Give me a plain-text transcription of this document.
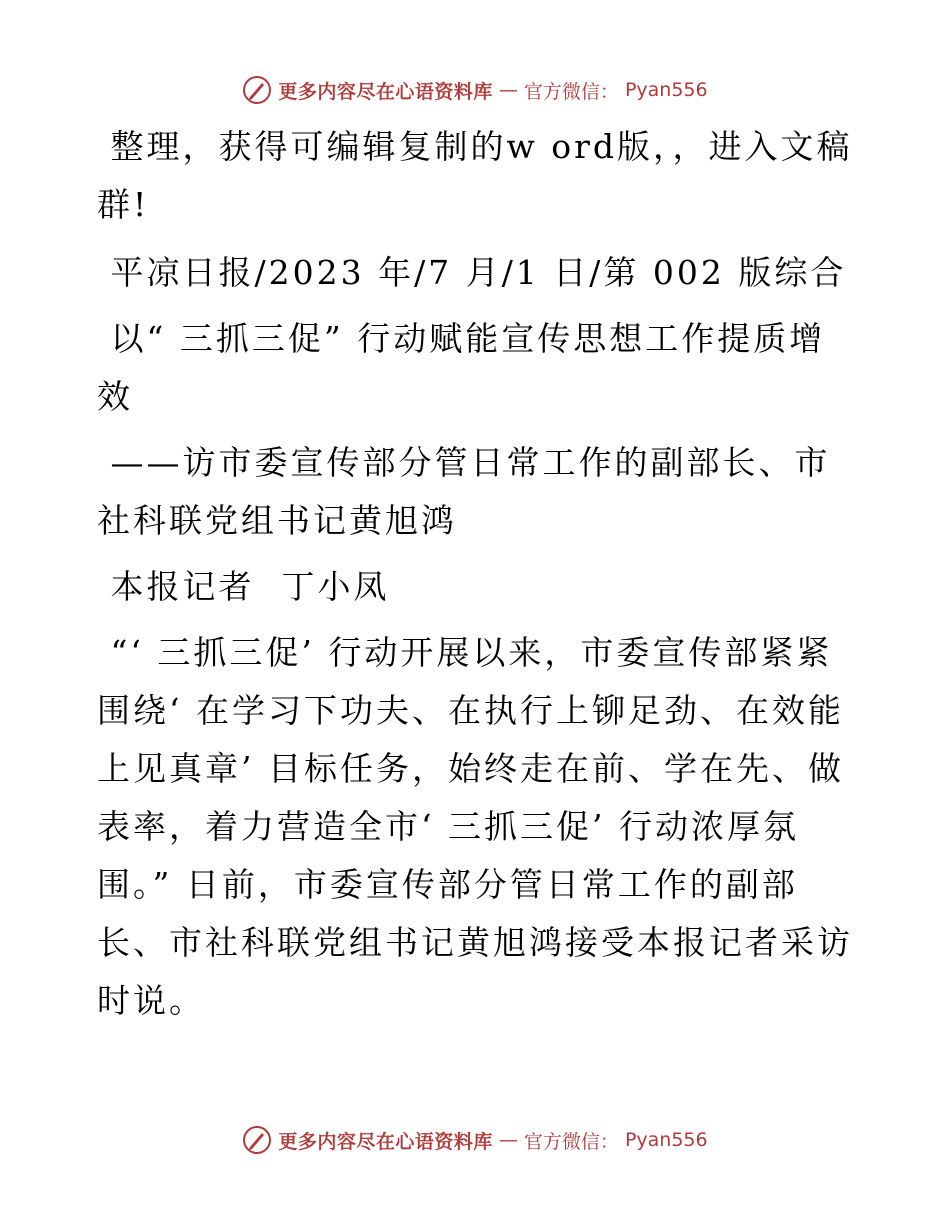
更多内容尽在心语资料库 — 官方微信： Pyan556

整理，获得可编辑复制的w ord版，，进入文稿群!

平凉日报/2023 年/7 月/1 日/第 002 版综合

以“ 三抓三促” 行动赋能宣传思想工作提质增效

——访市委宣传部分管日常工作的副部长、市社科联党组书记黄旭鸿

本报记者  丁小凤

“‘ 三抓三促’ 行动开展以来，市委宣传部紧紧围绕‘ 在学习下功夫、在执行上铆足劲、在效能上见真章’ 目标任务，始终走在前、学在先、做表率，着力营造全市‘ 三抓三促’ 行动浓厚氛围。” 日前，市委宣传部分管日常工作的副部长、市社科联党组书记黄旭鸿接受本报记者采访时说。

更多内容尽在心语资料库 — 官方微信： Pyan556
